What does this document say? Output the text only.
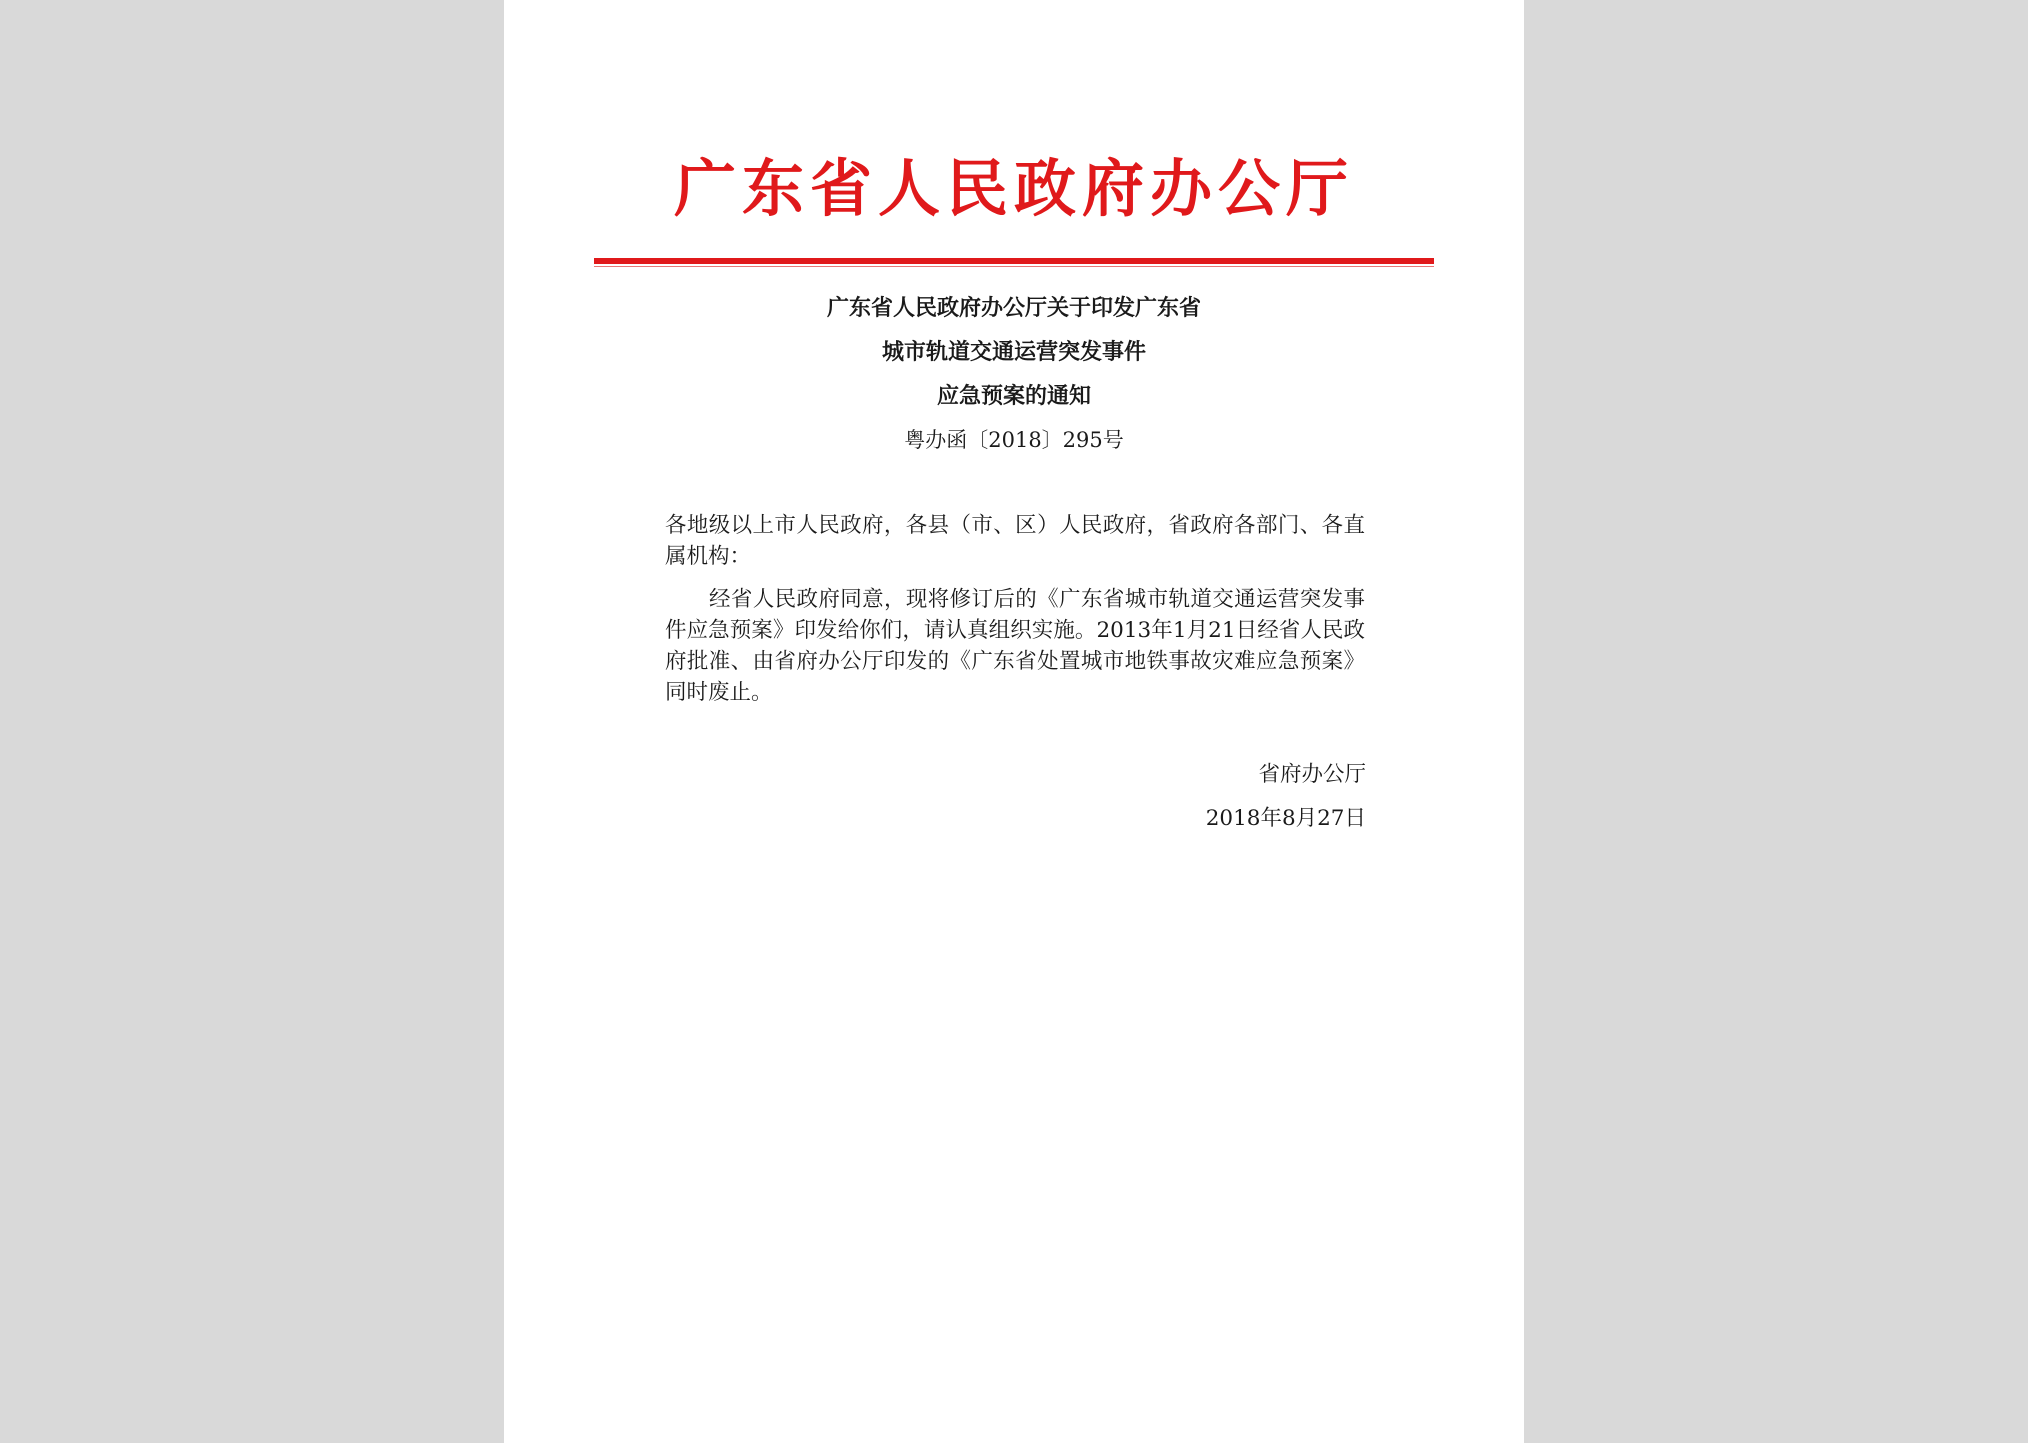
广东省人民政府办公厅
广东省人民政府办公厅关于印发广东省
城市轨道交通运营突发事件
应急预案的通知
粤办函〔2018〕295号
各地级以上市人民政府，各县（市、区）人民政府，省政府各部门、各直属机构：
经省人民政府同意，现将修订后的《广东省城市轨道交通运营突发事件应急预案》印发给你们，请认真组织实施。2013年1月21日经省人民政府批准、由省府办公厅印发的《广东省处置城市地铁事故灾难应急预案》同时废止。
省府办公厅
2018年8月27日
